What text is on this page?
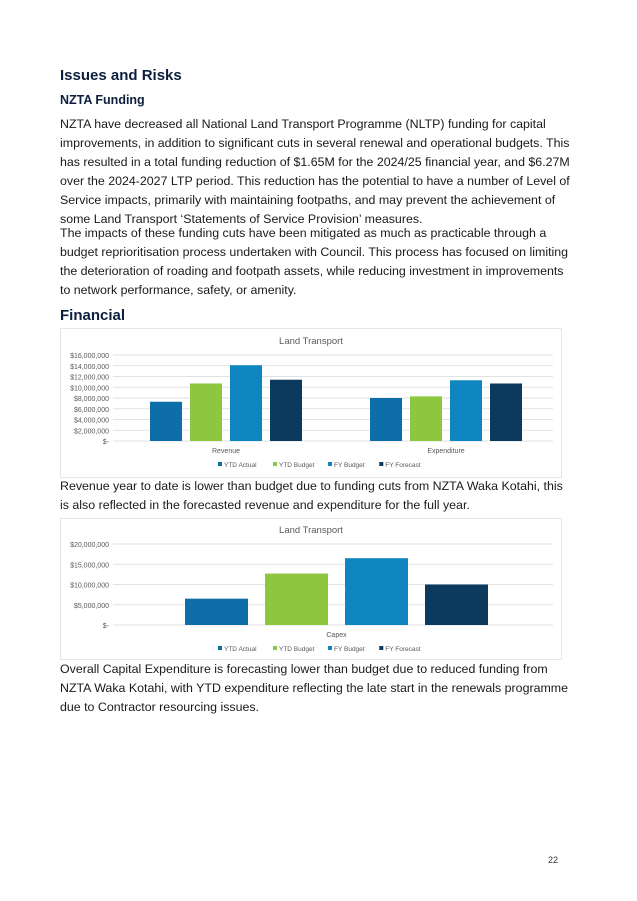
Issues and Risks
NZTA Funding

NZTA have decreased all National Land Transport Programme (NLTP) funding for capital improvements, in addition to significant cuts in several renewal and operational budgets. This has resulted in a total funding reduction of $1.65M for the 2024/25 financial year, and $6.27M over the 2024-2027 LTP period. This reduction has the potential to have a number of Level of Service impacts, primarily with maintaining footpaths, and may prevent the achievement of some Land Transport ‘Statements of Service Provision’ measures.

The impacts of these funding cuts have been mitigated as much as practicable through a budget reprioritisation process undertaken with Council. This process has focused on limiting the deterioration of roading and footpath assets, while reducing investment in improvements to network performance, safety, or amenity.

Financial
Land Transport
$-
$2,000,000
$4,000,000
$6,000,000
$8,000,000
$10,000,000
$12,000,000
$14,000,000
$16,000,000
Revenue	Expenditure
YTD Actual	YTD Budget	FY Budget	FY Forecast

Revenue year to date is lower than budget due to funding cuts from NZTA Waka Kotahi, this is also reflected in the forecasted revenue and expenditure for the full year.

Land Transport
$-
$5,000,000
$10,000,000
$15,000,000
$20,000,000
Capex
YTD Actual	YTD Budget	FY Budget	FY Forecast

Overall Capital Expenditure is forecasting lower than budget due to reduced funding from NZTA Waka Kotahi, with YTD expenditure reflecting the late start in the renewals programme due to Contractor resourcing issues.

22
